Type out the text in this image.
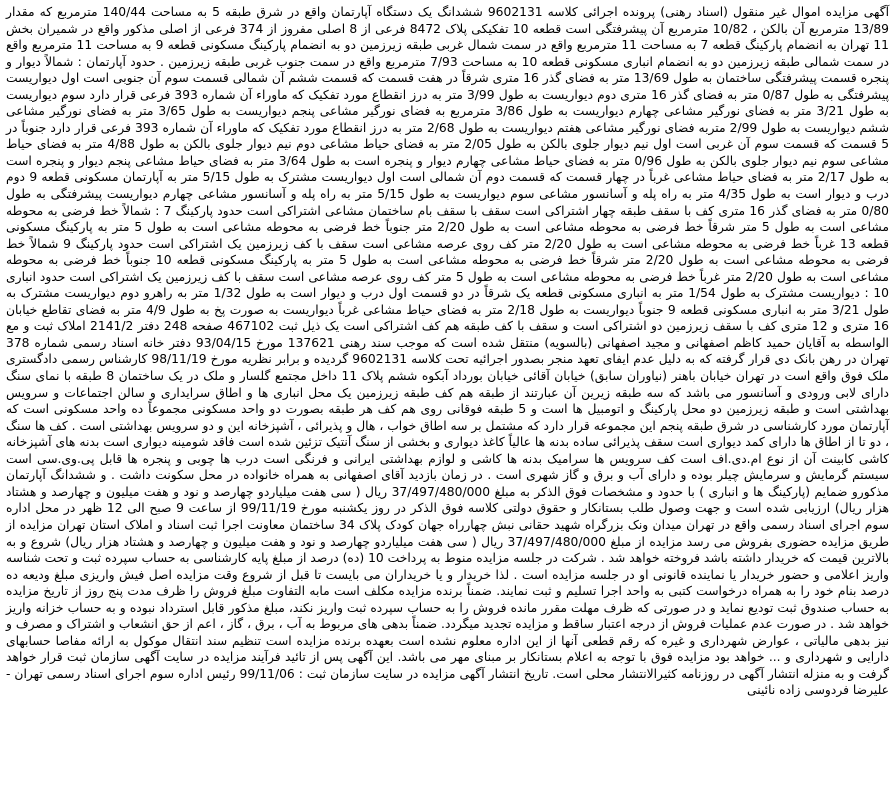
آگهی مزایده اموال غیر منقول (اسناد رهنی) پرونده اجرائی کلاسه 9602131 ششدانگ یک دستگاه آپارتمان واقع در شرق طبقه 5 به مساحت 140/44 مترمربع که مقدار 13/89 مترمربع آن بالکن ، 10/82 مترمربع آن پیشرفتگی است قطعه 10 تفکیکی پلاک 8472 فرعی از 8 اصلی مفروز از 374 فرعی از اصلی مذکور واقع در شمیران بخش 11 تهران به انضمام پارکینگ قطعه 7 به مساحت 11 مترمربع واقع در سمت شمال غربی طبقه زیرزمین دو به انضمام پارکینگ مسکونی قطعه 9 به مساحت 11 مترمربع واقع در سمت شمالی طبقه زیرزمین دو به انضمام انباری مسکونی قطعه 10 به مساحت 7/93 مترمربع واقع در سمت جنوب غربی طبقه زیرزمین . حدود آپارتمان : شمالاً دیوار و پنجره قسمت پیشرفتگی ساختمان به طول 13/69 متر به فضای گذر 16 متری شرقاً در هفت قسمت که قسمت ششم آن شمالی قسمت سوم آن جنوبی است اول دیواریست پیشرفتگی به طول 0/87 متر به فضای گذر 16 متری دوم دیواریست به طول 3/99 متر به درز انقطاع مورد تفکیک که ماوراء آن شماره 393 فرعی قرار دارد سوم دیواریست به طول 3/21 متر به فضای نورگیر مشاعی چهارم دیواریست به طول 3/86 مترمربع به فضای نورگیر مشاعی پنجم دیواریست به طول 3/65 متر به فضای نورگیر مشاعی ششم دیواریست به طول 2/99 متربه فضای نورگیر مشاعی هفتم دیواریست به طول 2/68 متر به درز انقطاع مورد تفکیک که ماوراء آن شماره 393 فرعی قرار دارد جنوباً در 5 قسمت که قسمت سوم آن غربی است اول نیم دیوار جلوی بالکن به طول 2/05 متر به فضای حیاط مشاعی دوم نیم دیوار جلوی بالکن به طول 4/88 متر به فضای حیاط مشاعی سوم نیم دیوار جلوی بالکن به طول 0/96 متر به فضای حیاط مشاعی چهارم دیوار و پنجره است به طول 3/64 متر به فضای حیاط مشاعی پنجم دیوار و پنجره است به طول 2/17 متر به فضای حیاط مشاعی غرباً در چهار قسمت که قسمت دوم آن شمالی است اول دیواریست مشترک به طول 5/15 متر به آپارتمان مسکونی قطعه 9 دوم درب و دیوار است به طول 4/35 متر به راه پله و آسانسور مشاعی سوم دیواریست به طول 5/15 متر به راه پله و آسانسور مشاعی چهارم دیواریست پیشرفتگی به طول 0/80 متر به فضای گذر 16 متری کف با سقف طبقه چهار اشتراکی است سقف با سقف بام ساختمان مشاعی اشتراکی است حدود پارکینگ 7 : شمالاً خط فرضی به محوطه مشاعی است به طول 5 متر شرقاً خط فرضی به محوطه مشاعی است به طول 2/20 متر جنوباً خط فرضی به محوطه مشاعی است به طول 5 متر به پارکینگ مسکونی قطعه 13 غرباً خط فرضی به محوطه مشاعی است به طول 2/20 متر کف روی عرصه مشاعی است سقف با کف زیرزمین یک اشتراکی است حدود پارکینگ 9 شمالاً خط فرضی به محوطه مشاعی است به طول 2/20 متر شرقاً خط فرضی به محوطه مشاعی است به طول 5 متر به پارکینگ مسکونی قطعه 10 جنوباً خط فرضی به محوطه مشاعی است به طول 2/20 متر غرباً خط فرضی به محوطه مشاعی است به طول 5 متر کف روی عرصه مشاعی است سقف با کف زیرزمین یک اشتراکی است حدود انباری 10 : دیواریست مشترک به طول 1/54 متر به انباری مسکونی قطعه یک شرقاً در دو قسمت اول درب و دیوار است به طول 1/32 متر به راهرو دوم دیواریست مشترک به طول 3/21 متر به انباری مسکونی قطعه 9 جنوباً دیواریست به طول 2/18 متر به فضای حیاط مشاعی غرباً دیواریست به صورت پخ به طول 4/9 متر به فضای تقاطع خیابان 16 متری و 12 متری کف با سقف زیرزمین دو اشتراکی است و سقف با کف طبقه هم کف اشتراکی است یک ذیل ثبت 467102 صفحه 248 دفتر 2141/2 املاک ثبت و مع الواسطه به آقایان حمید کاظم اصفهانی و مجید اصفهانی (بالسویه) منتقل شده است که موجب سند رهنی 137621 مورخ 93/04/15 دفتر خانه اسناد رسمی شماره 378 تهران در رهن بانک دی قرار گرفته که به دلیل عدم ایفای تعهد منجر بصدور اجرائیه تحت کلاسه 9602131 گردیده و برابر نظریه مورخ 98/11/19 کارشناس رسمی دادگستری ملک فوق واقع است در تهران خیابان باهنر (نیاوران سابق) خیابان آقائی خیابان بورداد آبکوه ششم پلاک 11 داخل مجتمع گلسار و ملک در یک ساختمان 8 طبقه با نمای سنگ دارای لابی ورودی و آسانسور می باشد که سه طبقه زیرین آن عبارتند از طبقه هم کف طبقه زیرزمین یک محل انباری ها و اطاق سرایداری و سالن اجتماعات و سرویس بهداشتی است و طبقه زیرزمین دو محل پارکینگ و اتومبیل ها است و 5 طبقه فوقانی روی هم کف هر طبقه بصورت دو واحد مسکونی مجموعاً ده واحد مسکونی است که آپارتمان مورد کارشناسی در شرق طبقه پنجم این مجموعه قرار دارد که مشتمل بر سه اطاق خواب ، هال و پذیرائی ، آشپزخانه این و دو سرویس بهداشتی است . کف ها سنگ ، دو تا از اطاق ها دارای کمد دیواری است سقف پذیرائی ساده بدنه ها عالیاً کاغذ دیواری و بخشی از سنگ آنتیک تزئین شده است فاقد شومینه دیواری است بدنه های آشپزخانه کاشی کابینت آن از نوع ام.دی.اف است کف سرویس ها سرامیک بدنه ها کاشی و لوازم بهداشتی ایرانی و فرنگی است درب ها چوبی و پنجره ها قابل پی.وی.سی است سیستم گرمایش و سرمایش چیلر بوده و دارای آب و برق و گاز شهری است . در زمان بازدید آقای اصفهانی به همراه خانواده در محل سکونت داشت . و ششدانگ آپارتمان مذکورو ضمایم (پارکینگ ها و انباری ) با حدود و مشخصات فوق الذکر به مبلغ 37/497/480/000 ریال ( سی هفت میلیاردو چهارصد و نود و هفت میلیون و چهارصد و هشتاد هزار ریال) ارزیابی شده است و جهت وصول طلب بستانکار و حقوق دولتی کلاسه فوق الذکر در روز یکشنبه مورخ 99/11/19 از ساعت 9 صبح الی 12 ظهر در محل اداره سوم اجرای اسناد رسمی واقع در تهران میدان ونک بزرگراه شهید حقانی نبش چهارراه جهان کودک پلاک 34 ساختمان معاونت اجرا ثبت اسناد و املاک استان تهران مزایده از طریق مزایده حضوری بفروش می رسد مزایده از مبلغ 37/497/480/000 ریال ( سی هفت میلیاردو چهارصد و نود و هفت میلیون و چهارصد و هشتاد هزار ریال) شروع و به بالاترین قیمت که خریدار داشته باشد فروخته خواهد شد . شرکت در جلسه مزایده منوط به پرداخت 10 (ده) درصد از مبلغ پایه کارشناسی به حساب سپرده ثبت و تحت شناسه واریز اعلامی و حضور خریدار یا نماینده قانونی او در جلسه مزایده است . لذا خریدار و یا خریداران می بایست تا قبل از شروع وقت مزایده اصل فیش واریزی مبلغ ودیعه ده درصد بنام خود را به همراه درخواست کتبی به واحد اجرا تسلیم و ثبت نمایند. ضمناً برنده مزایده مکلف است مابه التفاوت مبلغ فروش را ظرف مدت پنج روز از تاریخ مزایده به حساب صندوق ثبت تودیع نماید و در صورتی که ظرف مهلت مقرر مانده فروش را به حساب سپرده ثبت واریز نکند، مبلغ مذکور قابل استرداد نبوده و به حساب خزانه واریز خواهد شد . در صورت عدم عملیات فروش از درجه اعتبار ساقط و مزایده تجدید میگردد. ضمناً بدهی های مربوط به آب ، برق ، گاز ، اعم از حق انشعاب و اشتراک و مصرف و نیز بدهی مالیاتی ، عوارض شهرداری و غیره که رقم قطعی آنها از این اداره معلوم نشده است بعهده برنده مزایده است تنظیم سند انتقال موکول به ارائه مفاصا حسابهای دارایی و شهرداری و ... خواهد بود مزایده فوق با توجه به اعلام بستانکار بر مبنای مهر می باشد. این آگهی پس از تائید فرآیند مزایده در سایت آگهی سازمان ثبت قرار خواهد گرفت و به منزله انتشار آگهی در روزنامه کثیرالانتشار محلی است. تاریخ انتشار آگهی مزایده در سایت سازمان ثبت : 99/11/06 رئیس اداره سوم اجرای اسناد رسمی تهران - علیرضا فردوسی زاده نائینی
